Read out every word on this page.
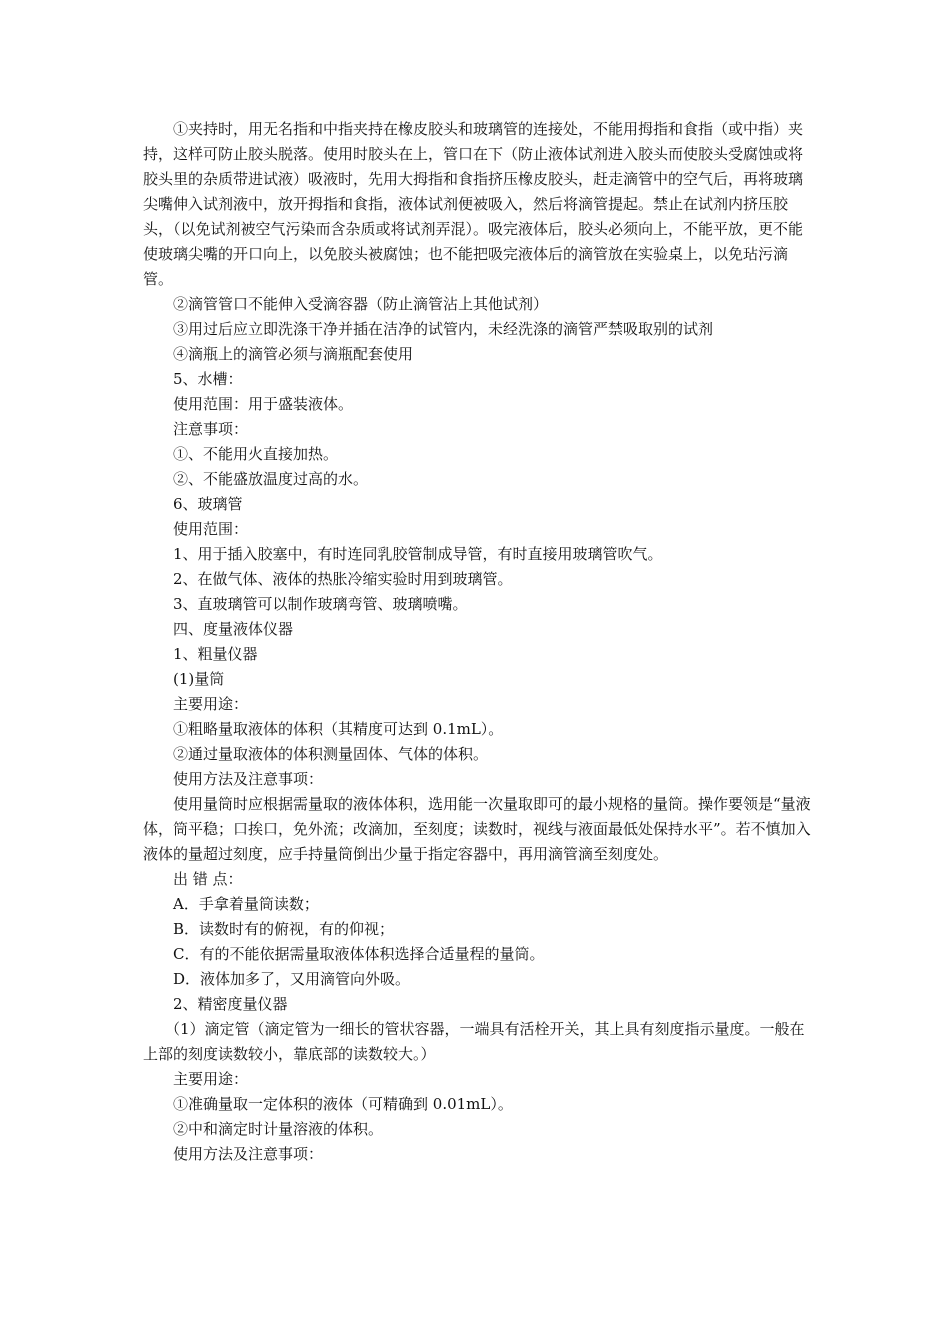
①夹持时，用无名指和中指夹持在橡皮胶头和玻璃管的连接处，不能用拇指和食指（或中指）夹持，这样可防止胶头脱落。使用时胶头在上，管口在下（防止液体试剂进入胶头而使胶头受腐蚀或将胶头里的杂质带进试液）吸液时，先用大拇指和食指挤压橡皮胶头，赶走滴管中的空气后，再将玻璃尖嘴伸入试剂液中，放开拇指和食指，液体试剂便被吸入，然后将滴管提起。禁止在试剂内挤压胶头，（以免试剂被空气污染而含杂质或将试剂弄混）。吸完液体后，胶头必须向上，不能平放，更不能使玻璃尖嘴的开口向上，以免胶头被腐蚀；也不能把吸完液体后的滴管放在实验桌上，以免玷污滴管。

②滴管管口不能伸入受滴容器（防止滴管沾上其他试剂）

③用过后应立即洗涤干净并插在洁净的试管内，未经洗涤的滴管严禁吸取别的试剂

④滴瓶上的滴管必须与滴瓶配套使用

5、水槽：

使用范围：用于盛装液体。

注意事项：

①、不能用火直接加热。

②、不能盛放温度过高的水。

6、玻璃管

使用范围：

1、用于插入胶塞中，有时连同乳胶管制成导管，有时直接用玻璃管吹气。

2、在做气体、液体的热胀冷缩实验时用到玻璃管。

3、直玻璃管可以制作玻璃弯管、玻璃喷嘴。

四、度量液体仪器

1、粗量仪器

(1)量筒

主要用途：

①粗略量取液体的体积（其精度可达到 0.1mL）。

②通过量取液体的体积测量固体、气体的体积。

使用方法及注意事项：

使用量筒时应根据需量取的液体体积，选用能一次量取即可的最小规格的量筒。操作要领是“量液体，筒平稳；口挨口，免外流；改滴加，至刻度；读数时，视线与液面最低处保持水平”。若不慎加入液体的量超过刻度，应手持量筒倒出少量于指定容器中，再用滴管滴至刻度处。

出 错 点：

A．手拿着量筒读数；

B．读数时有的俯视，有的仰视；

C．有的不能依据需量取液体体积选择合适量程的量筒。

D．液体加多了，又用滴管向外吸。

2、精密度量仪器

（1）滴定管（滴定管为一细长的管状容器，一端具有活栓开关，其上具有刻度指示量度。一般在上部的刻度读数较小，靠底部的读数较大。）

主要用途：

①准确量取一定体积的液体（可精确到 0.01mL）。

②中和滴定时计量溶液的体积。

使用方法及注意事项：
